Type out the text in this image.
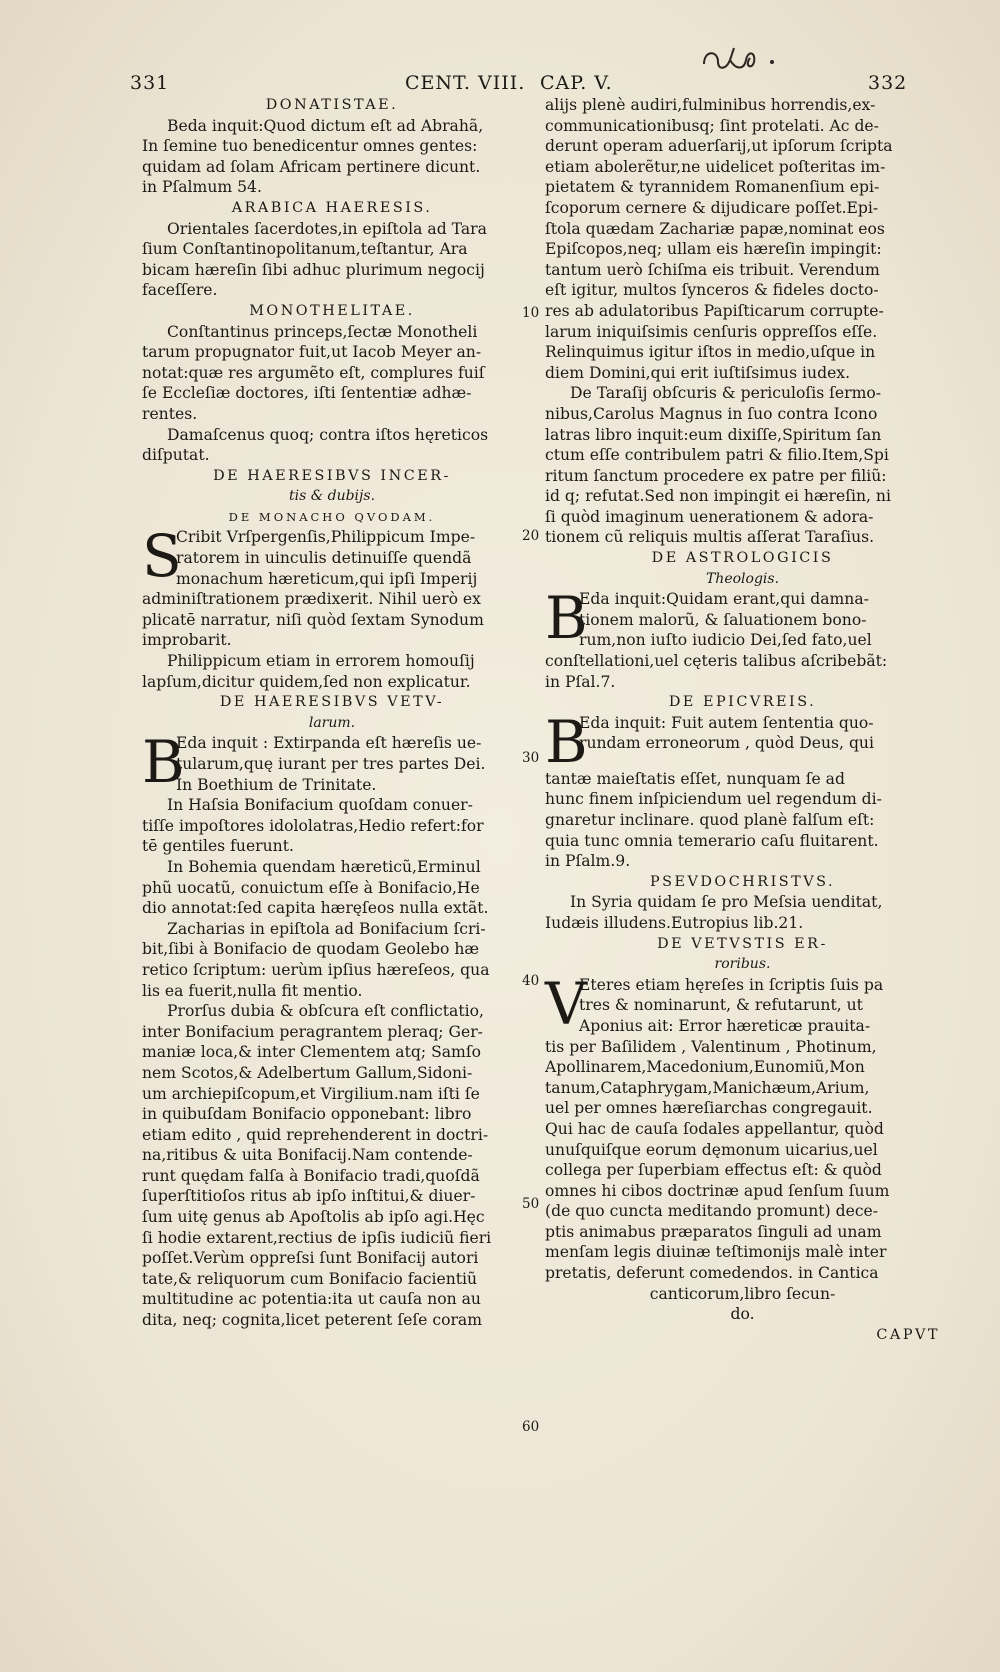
331	CENT. VIII. CAP. V.	332
DONATISTAE.
Beda inquit:Quod dictum eſt ad Abrahã,
In ſemine tuo benedicentur omnes gentes:
quidam ad ſolam Africam pertinere dicunt.
in Pſalmum 54.
ARABICA HAERESIS.
Orientales ſacerdotes,in epiſtola ad Tara
ſium Conſtantinopolitanum,teſtantur, Ara
bicam hæreſin ſibi adhuc plurimum negocij
faceſſere.
MONOTHELITAE.
Conſtantinus princeps,ſectæ Monotheli
tarum propugnator fuit,ut Iacob Meyer an-
notat:quæ res argumẽto eſt, complures fuiſ
ſe Eccleſiæ doctores, iſti ſententiæ adhæ-
rentes.
Damaſcenus quoq; contra iſtos hęreticos
diſputat.
DE HAERESIBVS INCER-
tis & dubijs.
DE MONACHO QVODAM.
S
Cribit Vrſpergenſis,Philippicum Impe-
ratorem in uinculis detinuiſſe quendã
monachum hæreticum,qui ipſi Imperij
adminiſtrationem prædixerit. Nihil uerò ex
plicatē narratur, niſi quòd ſextam Synodum
improbarit.
Philippicum etiam in errorem homouſij
lapſum,dicitur quidem,ſed non explicatur.
DE HAERESIBVS VETV-
larum.
B
Eda inquit : Extirpanda eſt hæreſis ue-
tularum,quę iurant per tres partes Dei.
In Boethium de Trinitate.
In Haſsia Bonifacium quoſdam conuer-
tiſſe impoſtores idololatras,Hedio refert:for
tē gentiles fuerunt.
In Bohemia quendam hæreticũ,Erminul
phũ uocatũ, conuictum eſſe à Bonifacio,He
dio annotat:ſed capita hæręſeos nulla extãt.
Zacharias in epiſtola ad Bonifacium ſcri-
bit,ſibi à Bonifacio de quodam Geolebo hæ
retico ſcriptum: uerùm ipſius hæreſeos, qua
lis ea fuerit,nulla fit mentio.
Prorſus dubia & obſcura eſt conflictatio,
inter Bonifacium peragrantem pleraq; Ger-
maniæ loca,& inter Clementem atq; Samſo
nem Scotos,& Adelbertum Gallum,Sidoni-
um archiepiſcopum,et Virgilium.nam iſti ſe
in quibuſdam Bonifacio opponebant: libro
etiam edito , quid reprehenderent in doctri-
na,ritibus & uita Bonifacij.Nam contende-
runt quędam falſa à Bonifacio tradi,quoſdã
ſuperſtitioſos ritus ab ipſo inſtitui,& diuer-
ſum uitę genus ab Apoſtolis ab ipſo agi.Hęc
ſi hodie extarent,rectius de ipſis iudiciũ fieri
poſſet.Verùm oppreſsi ſunt Bonifacij autori
tate,& reliquorum cum Bonifacio facientiũ
multitudine ac potentia:ita ut cauſa non au
dita, neq; cognita,licet peterent ſeſe coram
10
20
30
40
50
60
alijs plenè audiri,fulminibus horrendis,ex-
communicationibusq; ſint protelati. Ac de-
derunt operam aduerſarij,ut ipſorum ſcripta
etiam abolerẽtur,ne uidelicet poſteritas im-
pietatem & tyrannidem Romanenſium epi-
ſcoporum cernere & dijudicare poſſet.Epi-
ſtola quædam Zachariæ papæ,nominat eos
Epiſcopos,neq; ullam eis hæreſin impingit:
tantum uerò ſchiſma eis tribuit. Verendum
eſt igitur, multos ſynceros & fideles docto-
res ab adulatoribus Papiſticarum corrupte-
larum iniquiſsimis cenſuris oppreſſos eſſe.
Relinquimus igitur iſtos in medio,uſque in
diem Domini,qui erit iuſtiſsimus iudex.
De Taraſij obſcuris & periculoſis ſermo-
nibus,Carolus Magnus in ſuo contra Icono
latras libro inquit:eum dixiſſe,Spiritum ſan
ctum eſſe contribulem patri & filio.Item,Spi
ritum ſanctum procedere ex patre per filiũ:
id q; refutat.Sed non impingit ei hæreſin, ni
ſi quòd imaginum uenerationem & adora-
tionem cũ reliquis multis aſſerat Taraſius.
DE ASTROLOGICIS
Theologis.
B
Eda inquit:Quidam erant,qui damna-
tionem malorũ, & ſaluationem bono-
rum,non iuſto iudicio Dei,ſed fato,uel
conſtellationi,uel cęteris talibus aſcribebãt:
in Pſal.7.
DE EPICVREIS.
B
Eda inquit: Fuit autem ſententia quo-
rundam erroneorum , quòd Deus, qui
tantæ maieſtatis eſſet, nunquam ſe ad
hunc finem inſpiciendum uel regendum di-
gnaretur inclinare. quod planè falſum eſt:
quia tunc omnia temerario caſu fluitarent.
in Pſalm.9.
PSEVDOCHRISTVS.
In Syria quidam ſe pro Meſsia uenditat,
Iudæis illudens.Eutropius lib.21.
DE VETVSTIS ER-
roribus.
V
Eteres etiam hęreſes in ſcriptis ſuis pa
tres & nominarunt, & refutarunt, ut
Aponius ait: Error hæreticæ prauita-
tis per Baſilidem , Valentinum , Photinum,
Apollinarem,Macedonium,Eunomiũ,Mon
tanum,Cataphrygam,Manichæum,Arium,
uel per omnes hæreſiarchas congregauit.
Qui hac de cauſa ſodales appellantur, quòd
unuſquiſque eorum dęmonum uicarius,uel
collega per ſuperbiam effectus eſt: & quòd
omnes hi cibos doctrinæ apud ſenſum ſuum
(de quo cuncta meditando promunt) dece-
ptis animabus præparatos ſinguli ad unam
menſam legis diuinæ teſtimonijs malè inter
pretatis, deferunt comedendos. in Cantica
canticorum,libro ſecun-
do.
CAPVT
